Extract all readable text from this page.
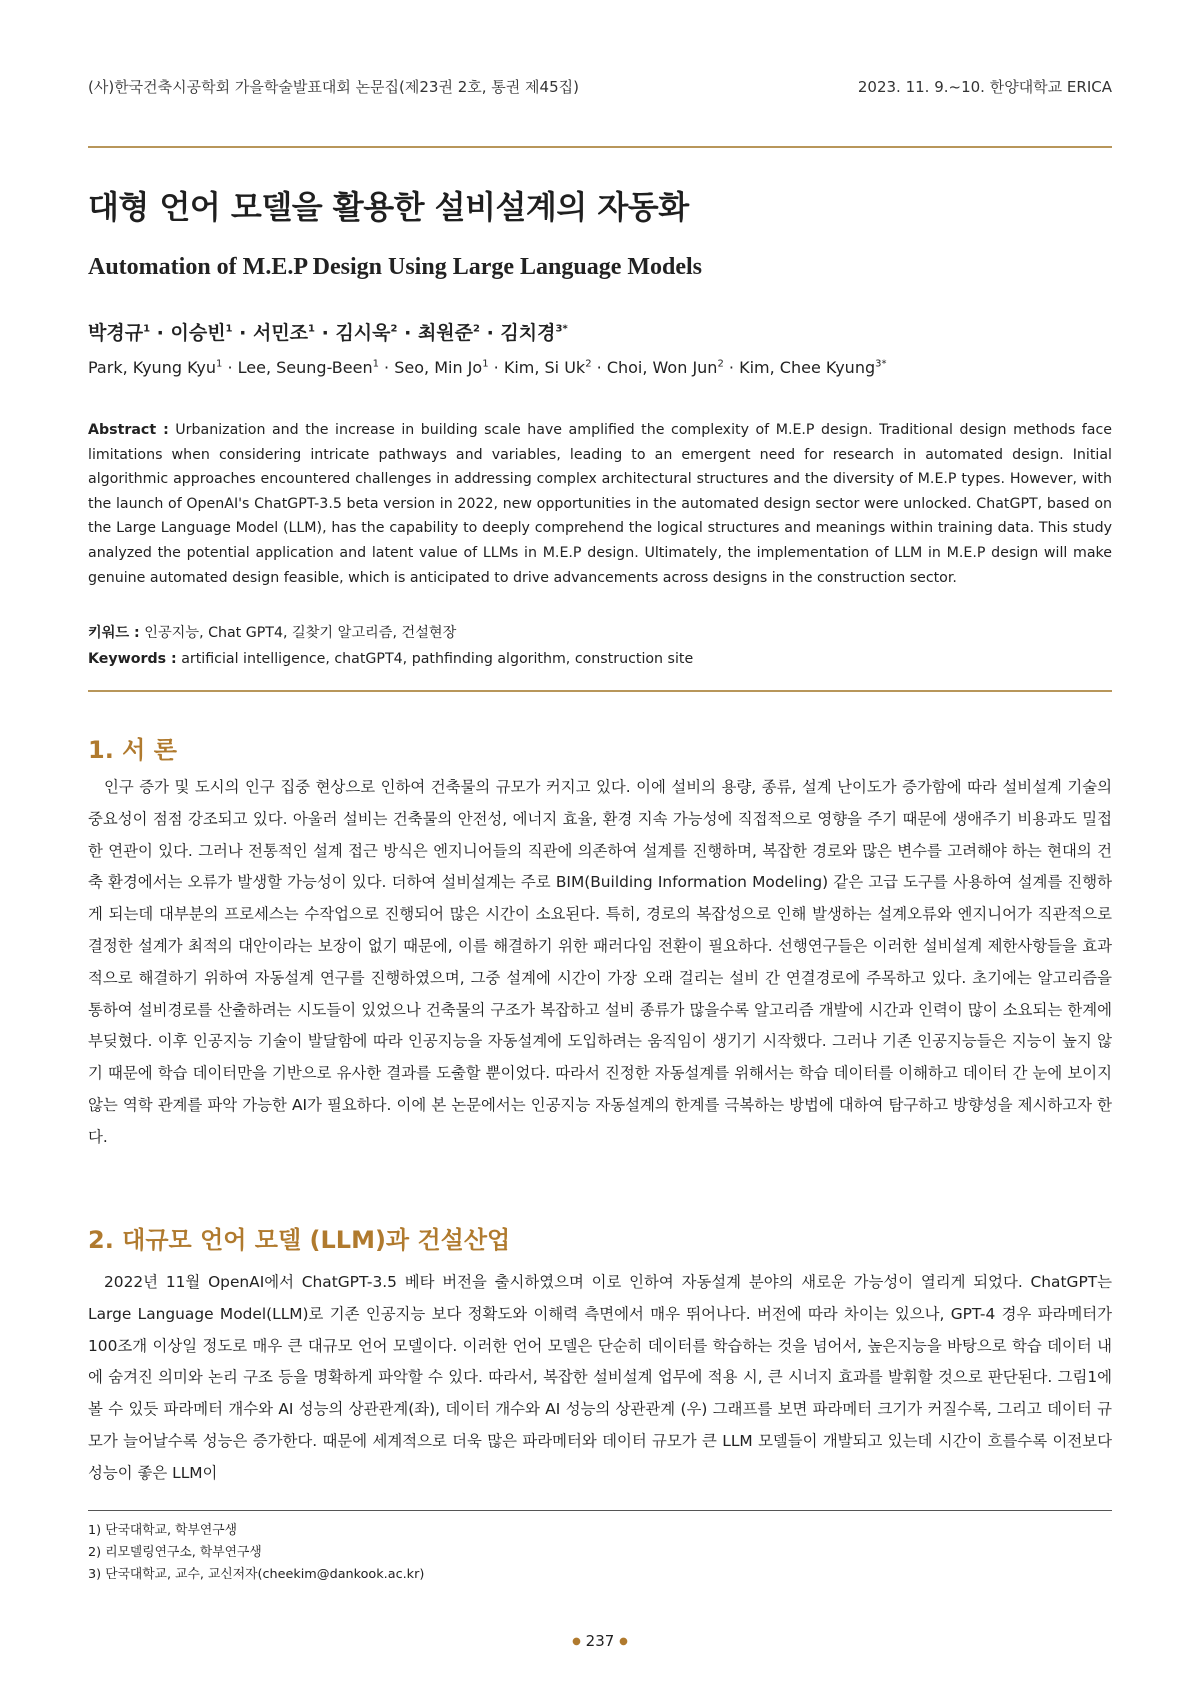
(사)한국건축시공학회 가을학술발표대회 논문집(제23권 2호, 통권 제45집)	2023. 11. 9.~10. 한양대학교 ERICA
대형 언어 모델을 활용한 설비설계의 자동화
Automation of M.E.P Design Using Large Language Models
박경규$^1$ · 이승빈$^1$ · 서민조$^1$ · 김시욱$^2$ · 최원준$^2$ · 김치경$^{3*}$
Park, Kyung Kyu$^1$ · Lee, Seung-Been$^1$ · Seo, Min $Jo^1$ · Kim, Si $Uk^2$ · Choi, Won Jun$^2$ · Kim, Chee Kyung$^{3*}$
Abstract : Urbanization and the increase in building scale have amplified the complexity of M.E.P design. Traditional design methods face limitations when considering intricate pathways and variables, leading to an emergent need for research in automated design. Initial algorithmic approaches encountered challenges in addressing complex architectural structures and the diversity of M.E.P types. However, with the launch of OpenAI's ChatGPT-3.5 beta version in 2022, new opportunities in the automated design sector were unlocked. ChatGPT, based on the Large Language Model (LLM), has the capability to deeply comprehend the logical structures and meanings within training data. This study analyzed the potential application and latent value of LLMs in M.E.P design. Ultimately, the implementation of LLM in M.E.P design will make genuine automated design feasible, which is anticipated to drive advancements across designs in the construction sector.
키워드 : 인공지능, Chat GPT4, 길찾기 알고리즘, 건설현장
Keywords : artificial intelligence, chatGPT4, pathfinding algorithm, construction site
1. 서 론
인구 증가 및 도시의 인구 집중 현상으로 인하여 건축물의 규모가 커지고 있다. 이에 설비의 용량, 종류, 설계 난이도가 증가함에 따라 설비설계 기술의 중요성이 점점 강조되고 있다. 아울러 설비는 건축물의 안전성, 에너지 효율, 환경 지속 가능성에 직접적으로 영향을 주기 때문에 생애주기 비용과도 밀접한 연관이 있다. 그러나 전통적인 설계 접근 방식은 엔지니어들의 직관에 의존하여 설계를 진행하며, 복잡한 경로와 많은 변수를 고려해야 하는 현대의 건축 환경에서는 오류가 발생할 가능성이 있다. 더하여 설비설계는 주로 BIM(Building Information Modeling) 같은 고급 도구를 사용하여 설계를 진행하게 되는데 대부분의 프로세스는 수작업으로 진행되어 많은 시간이 소요된다. 특히, 경로의 복잡성으로 인해 발생하는 설계오류와 엔지니어가 직관적으로 결정한 설계가 최적의 대안이라는 보장이 없기 때문에, 이를 해결하기 위한 패러다임 전환이 필요하다. 선행연구들은 이러한 설비설계 제한사항들을 효과적으로 해결하기 위하여 자동설계 연구를 진행하였으며, 그중 설계에 시간이 가장 오래 걸리는 설비 간 연결경로에 주목하고 있다. 초기에는 알고리즘을 통하여 설비경로를 산출하려는 시도들이 있었으나 건축물의 구조가 복잡하고 설비 종류가 많을수록 알고리즘 개발에 시간과 인력이 많이 소요되는 한계에 부딪혔다. 이후 인공지능 기술이 발달함에 따라 인공지능을 자동설계에 도입하려는 움직임이 생기기 시작했다. 그러나 기존 인공지능들은 지능이 높지 않기 때문에 학습 데이터만을 기반으로 유사한 결과를 도출할 뿐이었다. 따라서 진정한 자동설계를 위해서는 학습 데이터를 이해하고 데이터 간 눈에 보이지 않는 역학 관계를 파악 가능한 AI가 필요하다. 이에 본 논문에서는 인공지능 자동설계의 한계를 극복하는 방법에 대하여 탐구하고 방향성을 제시하고자 한다.
2. 대규모 언어 모델 (LLM)과 건설산업
2022년 11월 OpenAI에서 ChatGPT-3.5 베타 버전을 출시하였으며 이로 인하여 자동설계 분야의 새로운 가능성이 열리게 되었다. ChatGPT는 Large Language Model(LLM)로 기존 인공지능 보다 정확도와 이해력 측면에서 매우 뛰어나다. 버전에 따라 차이는 있으나, GPT-4 경우 파라메터가 100조개 이상일 정도로 매우 큰 대규모 언어 모델이다. 이러한 언어 모델은 단순히 데이터를 학습하는 것을 넘어서, 높은지능을 바탕으로 학습 데이터 내에 숨겨진 의미와 논리 구조 등을 명확하게 파악할 수 있다. 따라서, 복잡한 설비설계 업무에 적용 시, 큰 시너지 효과를 발휘할 것으로 판단된다. 그림1에 볼 수 있듯 파라메터 개수와 AI 성능의 상관관계(좌), 데이터 개수와 AI 성능의 상관관계 (우) 그래프를 보면 파라메터 크기가 커질수록, 그리고 데이터 규모가 늘어날수록 성능은 증가한다. 때문에 세계적으로 더욱 많은 파라메터와 데이터 규모가 큰 LLM 모델들이 개발되고 있는데 시간이 흐를수록 이전보다 성능이 좋은 LLM이
1) 단국대학교, 학부연구생
2) 리모델링연구소, 학부연구생
3) 단국대학교, 교수, 교신저자(cheekim@dankook.ac.kr)
● 237 ●
